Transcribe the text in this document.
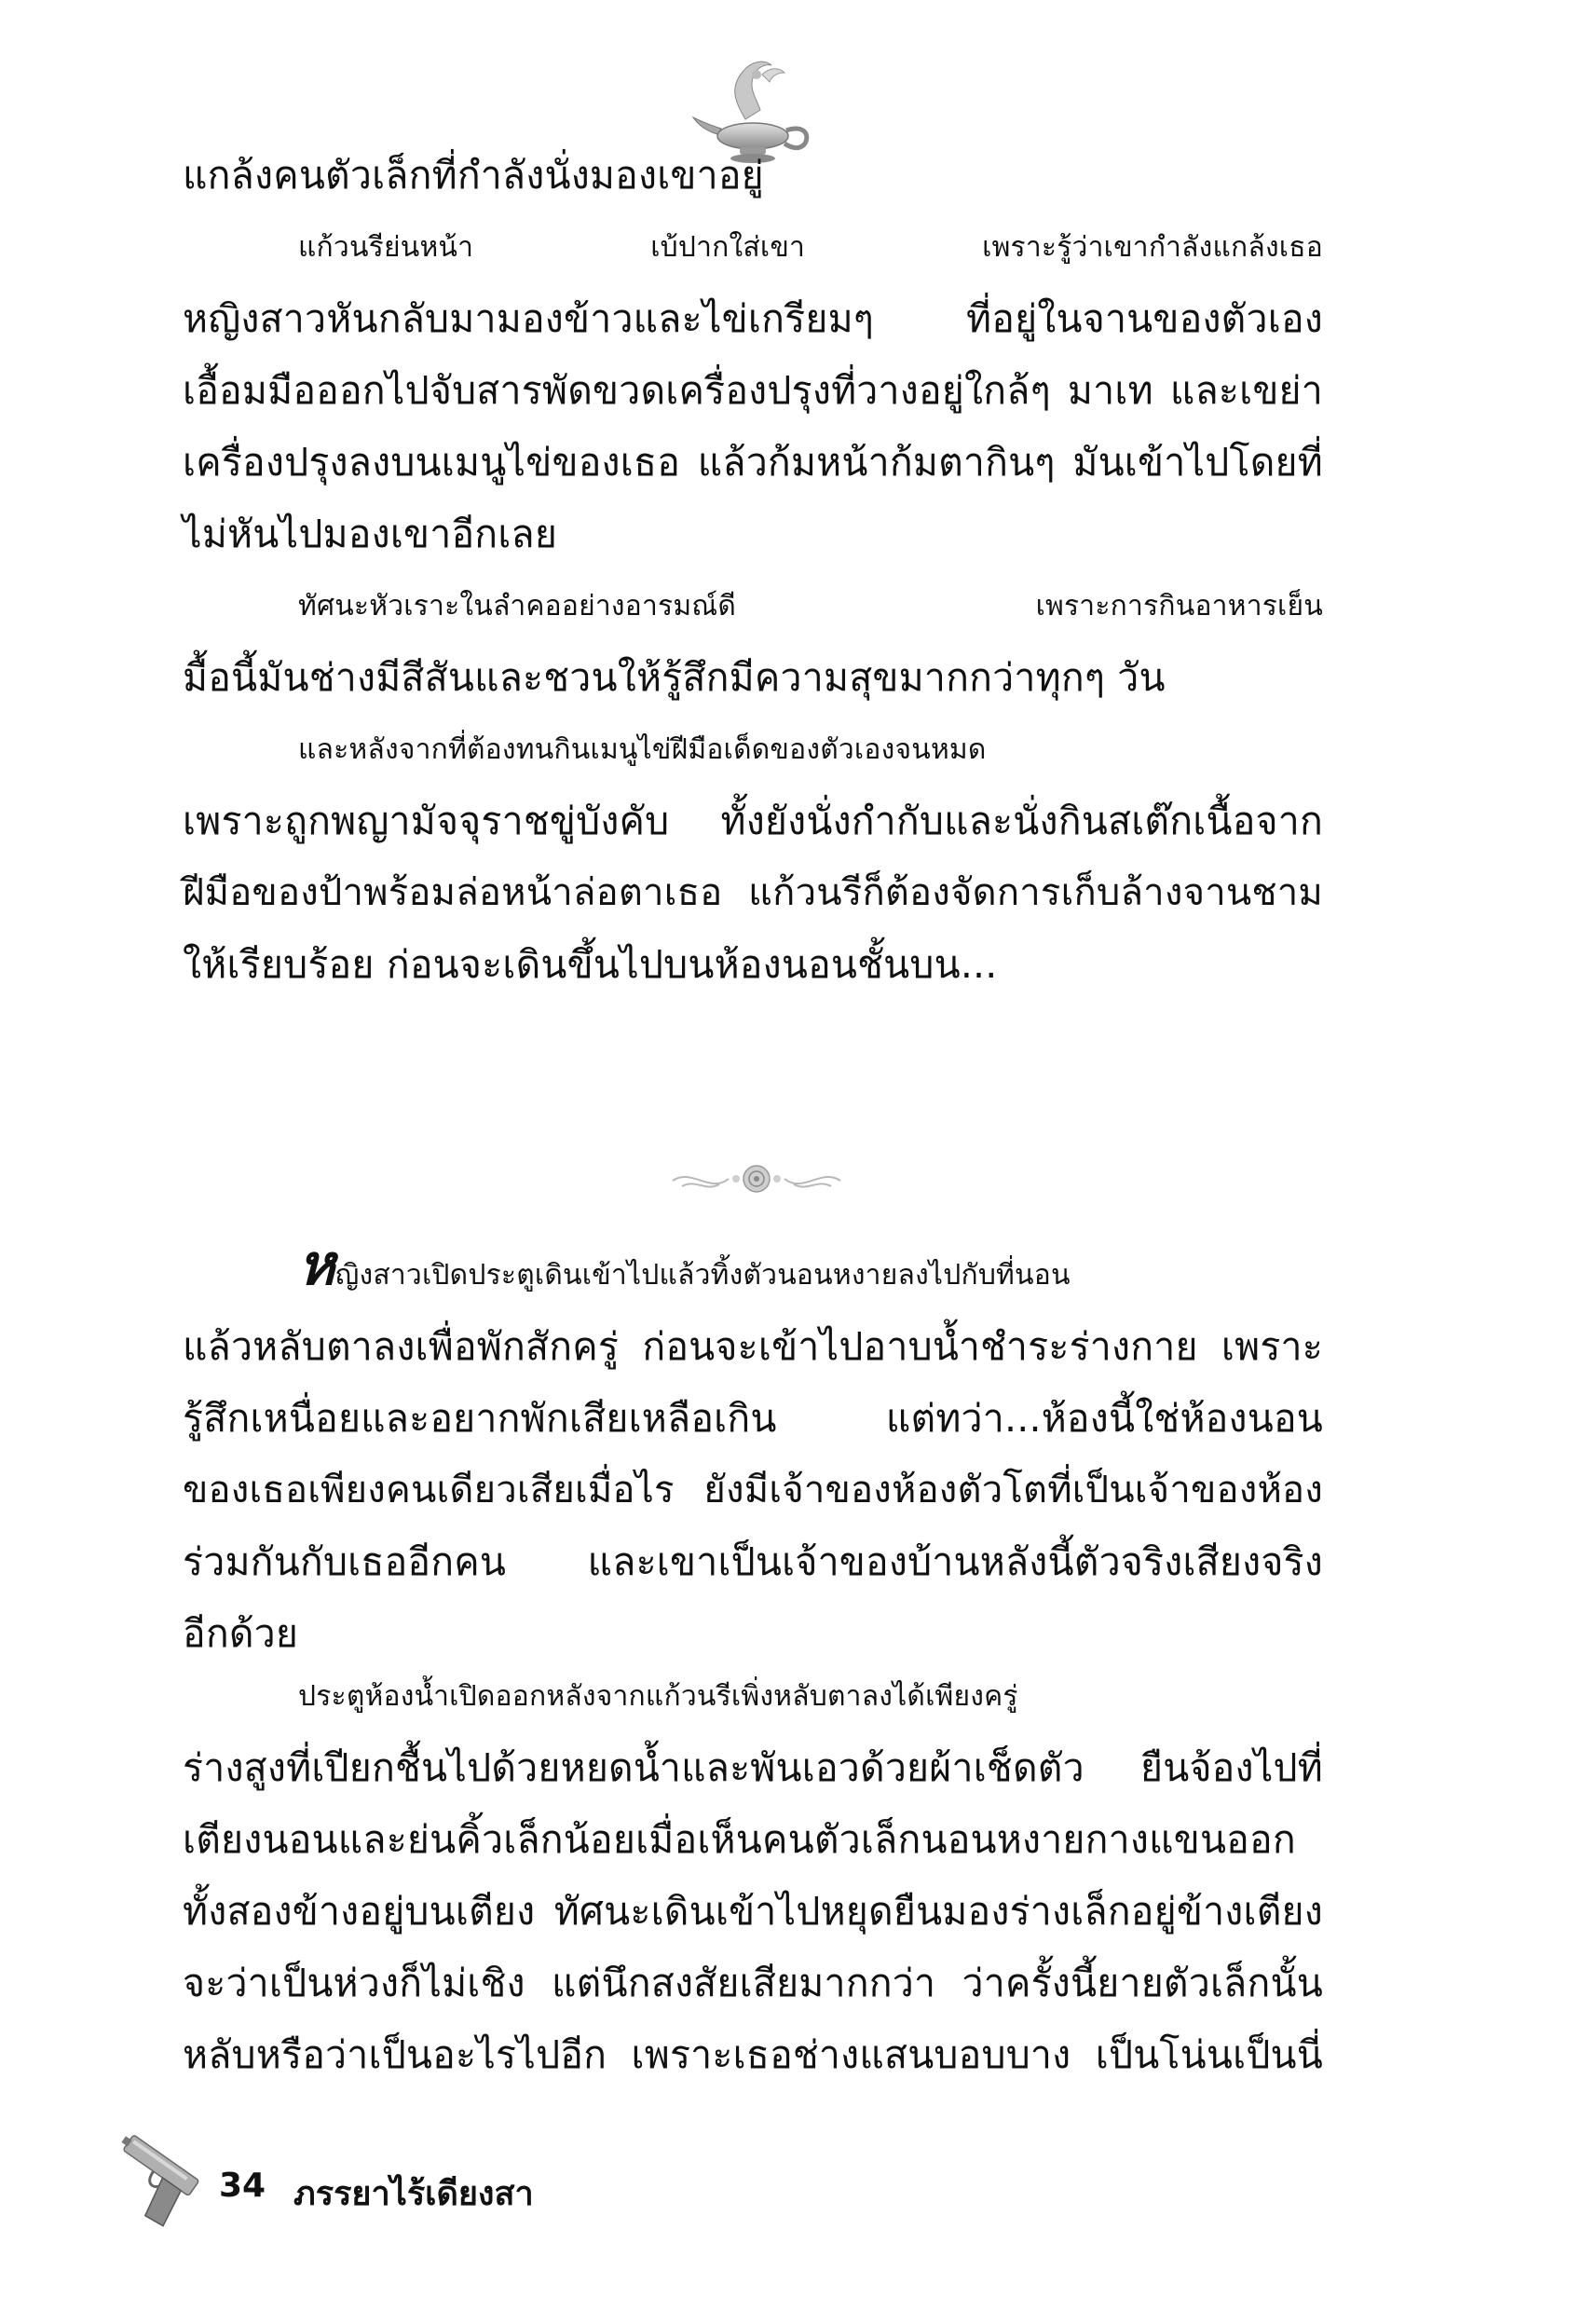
แกล้งคนตัวเล็กที่กำลังนั่งมองเขาอยู่

แก้วนรีย่นหน้า เบ้ปากใส่เขา เพราะรู้ว่าเขากำลังแกล้งเธอ
หญิงสาวหันกลับมามองข้าวและไข่เกรียมๆ ที่อยู่ในจานของตัวเอง
เอื้อมมือออกไปจับสารพัดขวดเครื่องปรุงที่วางอยู่ใกล้ๆ มาเท และเขย่า
เครื่องปรุงลงบนเมนูไข่ของเธอ แล้วก้มหน้าก้มตากินๆ มันเข้าไปโดยที่
ไม่หันไปมองเขาอีกเลย

ทัศนะหัวเราะในลำคออย่างอารมณ์ดี เพราะการกินอาหารเย็น
มื้อนี้มันช่างมีสีสันและชวนให้รู้สึกมีความสุขมากกว่าทุกๆ วัน

และหลังจากที่ต้องทนกินเมนูไข่ฝีมือเด็ดของตัวเองจนหมด
เพราะถูกพญามัจจุราชขู่บังคับ ทั้งยังนั่งกำกับและนั่งกินสเต๊กเนื้อจาก
ฝีมือของป้าพร้อมล่อหน้าล่อตาเธอ แก้วนรีก็ต้องจัดการเก็บล้างจานชาม
ให้เรียบร้อย ก่อนจะเดินขึ้นไปบนห้องนอนชั้นบน...

หญิงสาวเปิดประตูเดินเข้าไปแล้วทิ้งตัวนอนหงายลงไปกับที่นอน
แล้วหลับตาลงเพื่อพักสักครู่ ก่อนจะเข้าไปอาบน้ำชำระร่างกาย เพราะ
รู้สึกเหนื่อยและอยากพักเสียเหลือเกิน แต่ทว่า...ห้องนี้ใช่ห้องนอน
ของเธอเพียงคนเดียวเสียเมื่อไร ยังมีเจ้าของห้องตัวโตที่เป็นเจ้าของห้อง
ร่วมกันกับเธออีกคน และเขาเป็นเจ้าของบ้านหลังนี้ตัวจริงเสียงจริง
อีกด้วย

ประตูห้องน้ำเปิดออกหลังจากแก้วนรีเพิ่งหลับตาลงได้เพียงครู่
ร่างสูงที่เปียกชื้นไปด้วยหยดน้ำและพันเอวด้วยผ้าเช็ดตัว ยืนจ้องไปที่
เตียงนอนและย่นคิ้วเล็กน้อยเมื่อเห็นคนตัวเล็กนอนหงายกางแขนออก
ทั้งสองข้างอยู่บนเตียง ทัศนะเดินเข้าไปหยุดยืนมองร่างเล็กอยู่ข้างเตียง
จะว่าเป็นห่วงก็ไม่เชิง แต่นึกสงสัยเสียมากกว่า ว่าครั้งนี้ยายตัวเล็กนั้น
หลับหรือว่าเป็นอะไรไปอีก เพราะเธอช่างแสนบอบบาง เป็นโน่นเป็นนี่

34 ภรรยาไร้เดียงสา
